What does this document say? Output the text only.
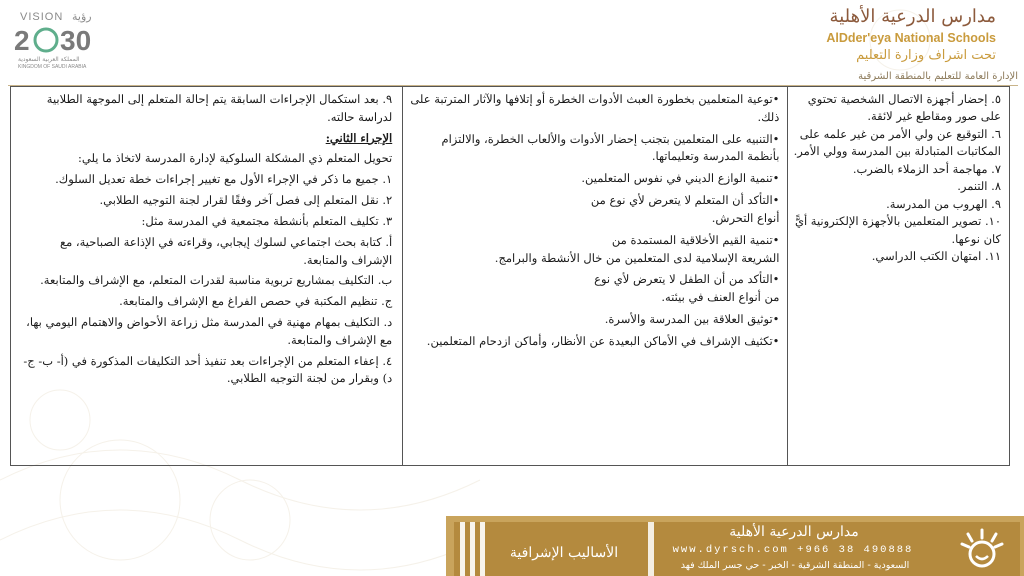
VISION رؤية
2 30
المملكة العربية السعودية
KINGDOM OF SAUDI ARABIA
مدارس الدرعية الأهلية
AlDder'eya National Schools
تحت اشراف وزارة التعليم
الإدارة العامة للتعليم بالمنطقة الشرقية

٩. بعد استكمال الإجراءات السابقة يتم إحالة المتعلم إلى الموجهة الطلابية لدراسة حالته.

الإجراء الثاني:

تحويل المتعلم ذي المشكلة السلوكية لإدارة المدرسة لاتخاذ ما يلي:

١. جميع ما ذكر في الإجراء الأول مع تغيير إجراءات خطة تعديل السلوك.

٢. نقل المتعلم إلى فصل آخر وفقًا لقرار لجنة التوجيه الطلابي.

٣. تكليف المتعلم بأنشطة مجتمعية في المدرسة مثل:

أ. كتابة بحث اجتماعي لسلوك إيجابي، وقراءته في الإذاعة الصباحية، مع الإشراف والمتابعة.

ب. التكليف بمشاريع تربوية مناسبة لقدرات المتعلم، مع الإشراف والمتابعة.

ج. تنظيم المكتبة في حصص الفراغ مع الإشراف والمتابعة.

د. التكليف بمهام مهنية في المدرسة مثل زراعة الأحواض والاهتمام اليومي بها، مع الإشراف والمتابعة.

٤. إعفاء المتعلم من الإجراءات بعد تنفيذ أحد التكليفات المذكورة في (أ- ب- ج- د) وبقرار من لجنة التوجيه الطلابي.

•توعية المتعلمين بخطورة العبث الأدوات الخطرة أو إتلافها والآثار المترتبة على ذلك.

•التنبيه على المتعلمين بتجنب إحضار الأدوات والألعاب الخطرة، والالتزام بأنظمة المدرسة وتعليماتها.

•تنمية الوازع الديني في نفوس المتعلمين.

•التأكد أن المتعلم لا يتعرض لأي نوع من

أنواع التحرش.

•تنمية القيم الأخلاقية المستمدة من

الشريعة الإسلامية لدى المتعلمين من خال الأنشطة والبرامج.

•التأكد من أن الطفل لا يتعرض لأي نوع

من أنواع العنف في بيئته.

•توثيق العلاقة بين المدرسة والأسرة.

•تكثيف الإشراف في الأماكن البعيدة عن الأنظار، وأماكن ازدحام المتعلمين.

٥. إحضار أجهزة الاتصال الشخصية تحتوي على صور ومقاطع غير لائقة.

٦. التوقيع عن ولي الأمر من غير علمه على المكاتبات المتبادلة بين المدرسة وولي الأمر.

٧. مهاجمة أحد الزملاء بالضرب.

٨. التنمر.

٩. الهروب من المدرسة.

١٠. تصوير المتعلمين بالأجهزة الإلكترونية أيًّ كان نوعها.

١١. امتهان الكتب الدراسي.

الأساليب الإشرافية
مدارس الدرعية الأهلية
www.dyrsch.com +966 38 490888
السعودية - المنطقة الشرقية - الخبر - حي جسر الملك فهد
